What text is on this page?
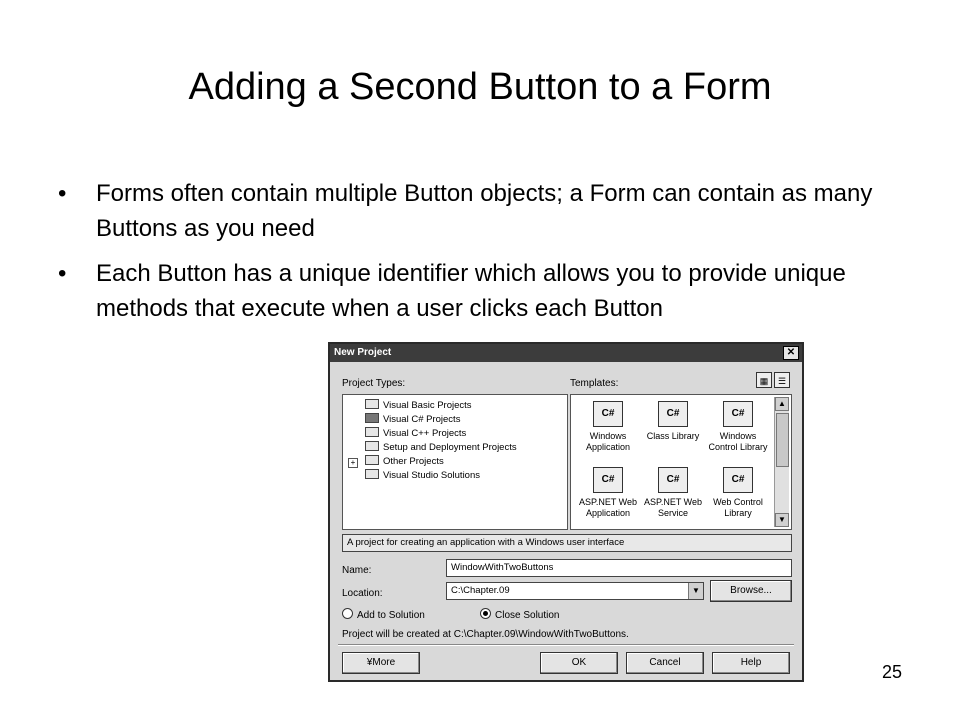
Adding a Second Button to a Form
• Forms often contain multiple Button objects; a Form can contain as many Buttons as you need
• Each Button has a unique identifier which allows you to provide unique methods that execute when a user clicks each Button
New Project	✕
Project Types:	Templates:	▦	☰
Visual Basic Projects
Visual C# Projects
Visual C++ Projects
Setup and Deployment Projects
+	Other Projects
Visual Studio Solutions
C#
Windows
Application
C#
Class Library
C#
Windows
Control Library
C#
ASP.NET Web
Application
C#
ASP.NET Web
Service
C#
Web Control
Library
▲
▼
A project for creating an application with a Windows user interface
Name:	WindowWithTwoButtons
Location:	C:\Chapter.09	▼	Browse...
Add to Solution	Close Solution
Project will be created at C:\Chapter.09\WindowWithTwoButtons.
¥More	OK	Cancel	Help	25
